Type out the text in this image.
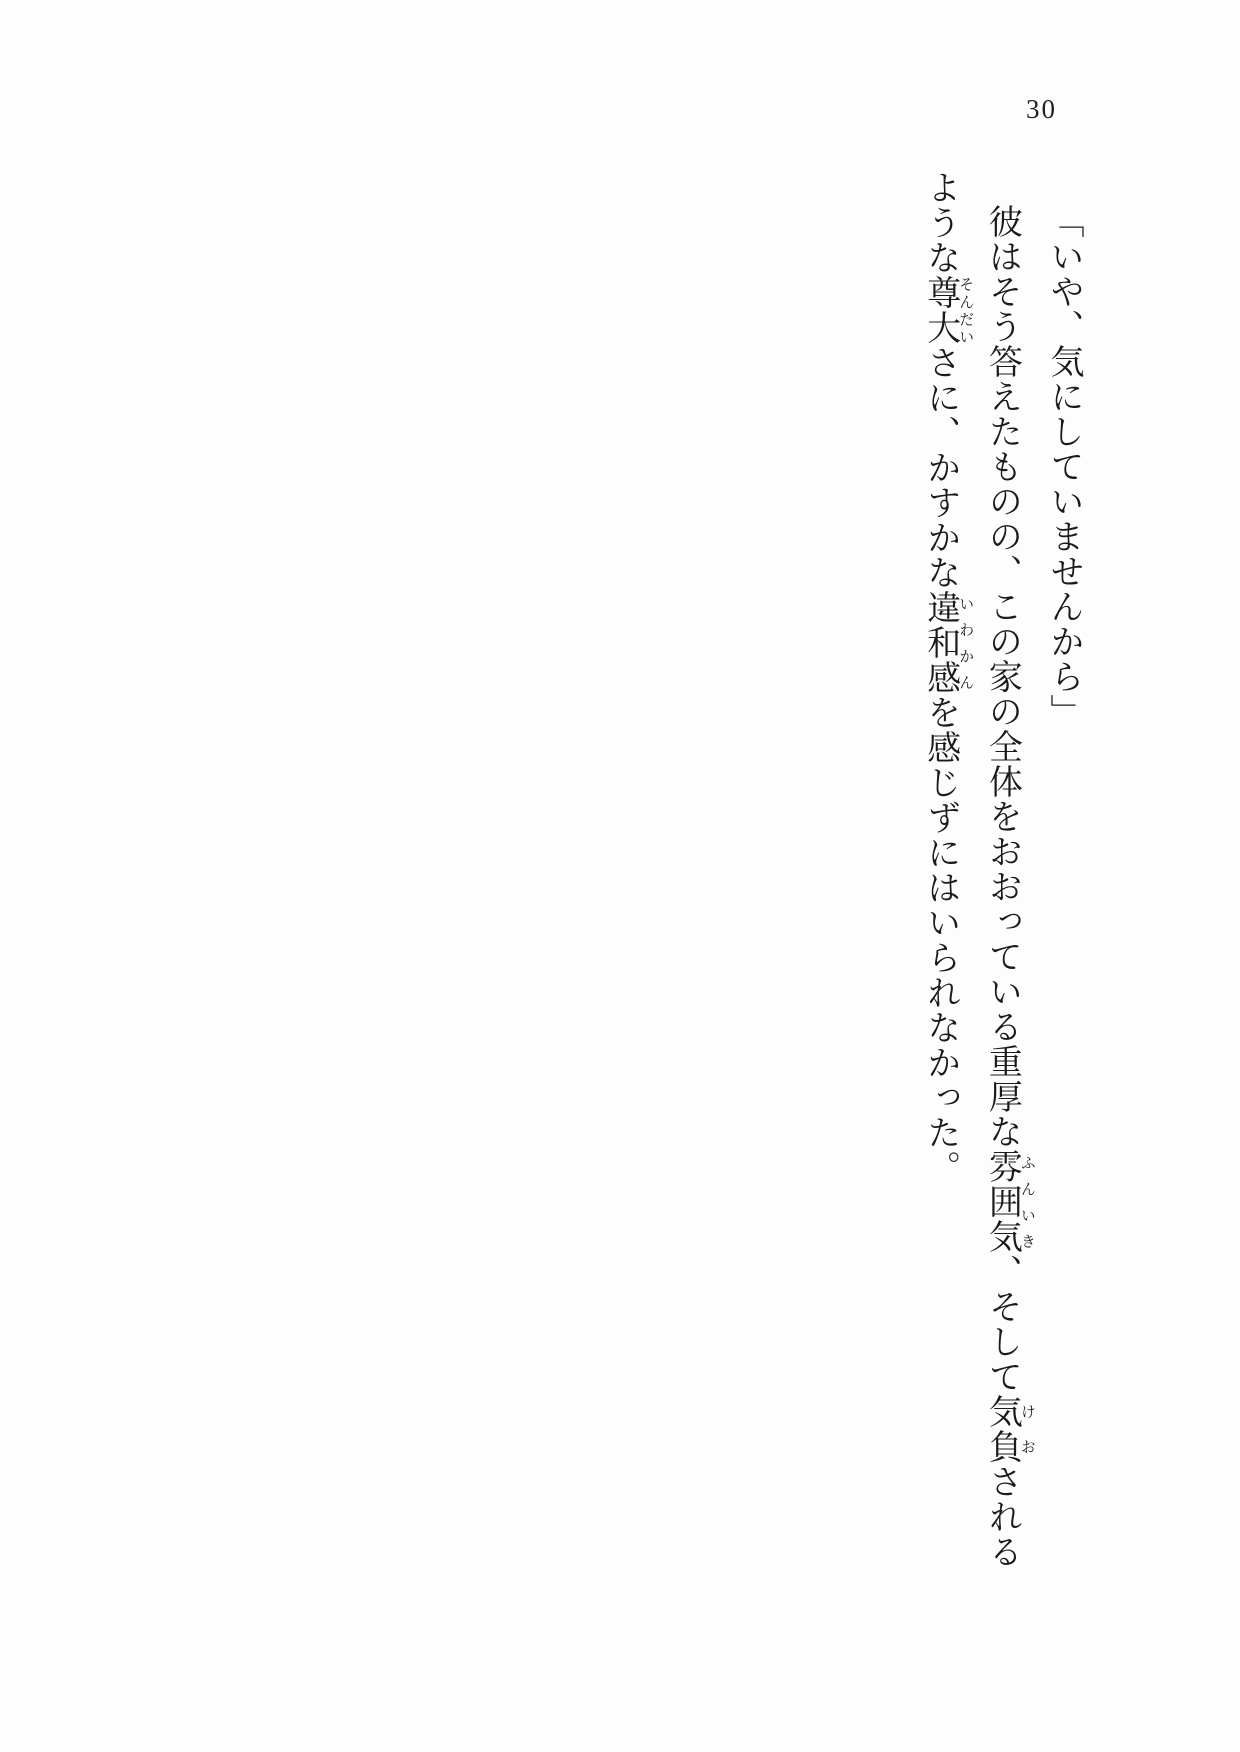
30

「いや、気にしていませんから」

彼はそう答えたものの、この家の全体をおおっている重厚な雰囲気ふんいき、そして気負けおされる

ような尊大そんだいさに、かすかな違和感いわかんを感じずにはいられなかった。
